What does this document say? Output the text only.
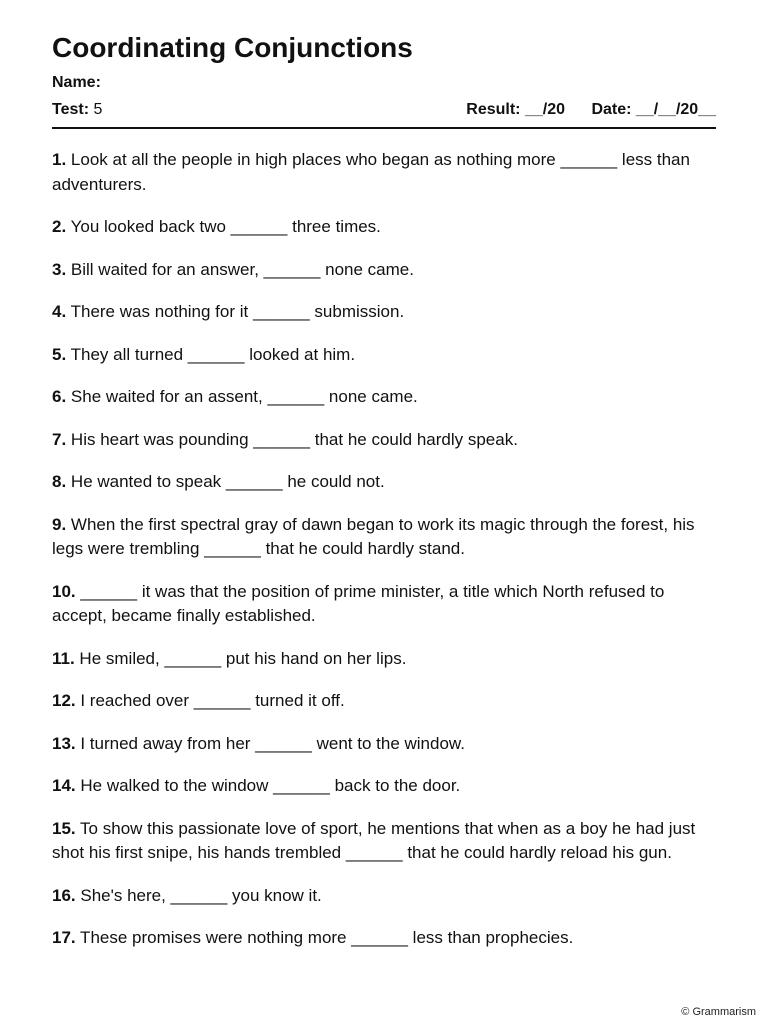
Coordinating Conjunctions
Name:
Test: 5	Result: __/20 Date: __/__/20__

1. Look at all the people in high places who began as nothing more ______ less than adventurers.

2. You looked back two ______ three times.

3. Bill waited for an answer, ______ none came.

4. There was nothing for it ______ submission.

5. They all turned ______ looked at him.

6. She waited for an assent, ______ none came.

7. His heart was pounding ______ that he could hardly speak.

8. He wanted to speak ______ he could not.

9. When the first spectral gray of dawn began to work its magic through the forest, his legs were trembling ______ that he could hardly stand.

10. ______ it was that the position of prime minister, a title which North refused to accept, became finally established.

11. He smiled, ______ put his hand on her lips.

12. I reached over ______ turned it off.

13. I turned away from her ______ went to the window.

14. He walked to the window ______ back to the door.

15. To show this passionate love of sport, he mentions that when as a boy he had just shot his first snipe, his hands trembled ______ that he could hardly reload his gun.

16. She's here, ______ you know it.

17. These promises were nothing more ______ less than prophecies.

© Grammarism
